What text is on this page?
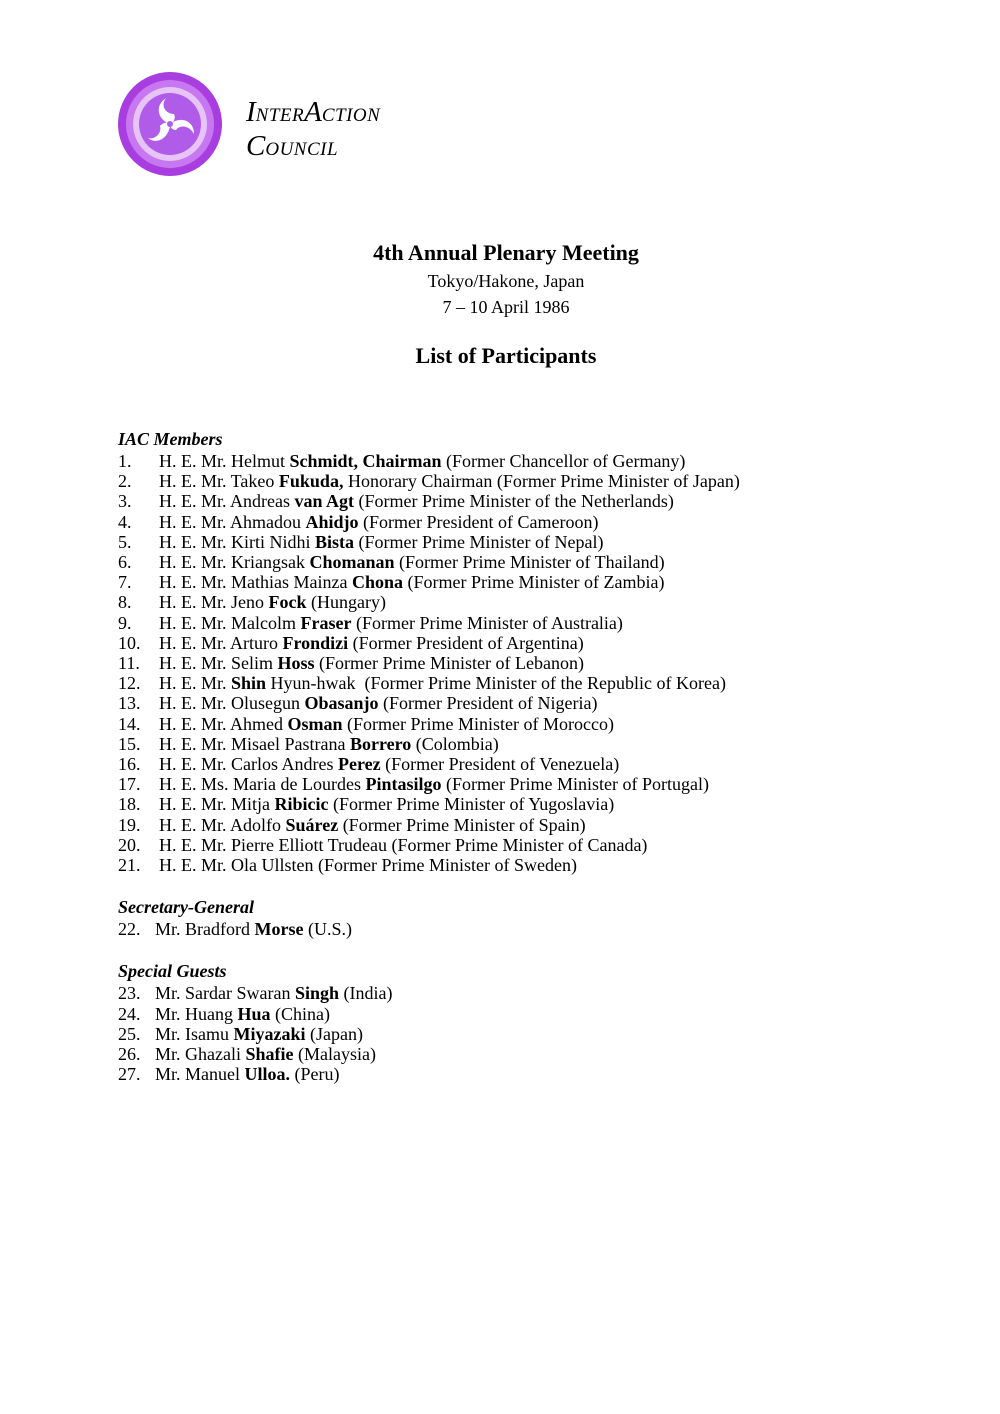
INTERACTION
COUNCIL
4th Annual Plenary Meeting
Tokyo/Hakone, Japan
7 – 10 April 1986
List of Participants

IAC Members

1. H. E. Mr. Helmut Schmidt, Chairman (Former Chancellor of Germany)
2. H. E. Mr. Takeo Fukuda, Honorary Chairman (Former Prime Minister of Japan)
3. H. E. Mr. Andreas van Agt (Former Prime Minister of the Netherlands)
4. H. E. Mr. Ahmadou Ahidjo (Former President of Cameroon)
5. H. E. Mr. Kirti Nidhi Bista (Former Prime Minister of Nepal)
6. H. E. Mr. Kriangsak Chomanan (Former Prime Minister of Thailand)
7. H. E. Mr. Mathias Mainza Chona (Former Prime Minister of Zambia)
8. H. E. Mr. Jeno Fock (Hungary)
9. H. E. Mr. Malcolm Fraser (Former Prime Minister of Australia)
10. H. E. Mr. Arturo Frondizi (Former President of Argentina)
11. H. E. Mr. Selim Hoss (Former Prime Minister of Lebanon)
12. H. E. Mr. Shin Hyun-hwak  (Former Prime Minister of the Republic of Korea)
13. H. E. Mr. Olusegun Obasanjo (Former President of Nigeria)
14. H. E. Mr. Ahmed Osman (Former Prime Minister of Morocco)
15. H. E. Mr. Misael Pastrana Borrero (Colombia)
16. H. E. Mr. Carlos Andres Perez (Former President of Venezuela)
17. H. E. Ms. Maria de Lourdes Pintasilgo (Former Prime Minister of Portugal)
18. H. E. Mr. Mitja Ribicic (Former Prime Minister of Yugoslavia)
19. H. E. Mr. Adolfo Suárez (Former Prime Minister of Spain)
20. H. E. Mr. Pierre Elliott Trudeau (Former Prime Minister of Canada)
21. H. E. Mr. Ola Ullsten (Former Prime Minister of Sweden)

Secretary-General

22. Mr. Bradford Morse (U.S.)

Special Guests

23. Mr. Sardar Swaran Singh (India)
24. Mr. Huang Hua (China)
25. Mr. Isamu Miyazaki (Japan)
26. Mr. Ghazali Shafie (Malaysia)
27. Mr. Manuel Ulloa. (Peru)
